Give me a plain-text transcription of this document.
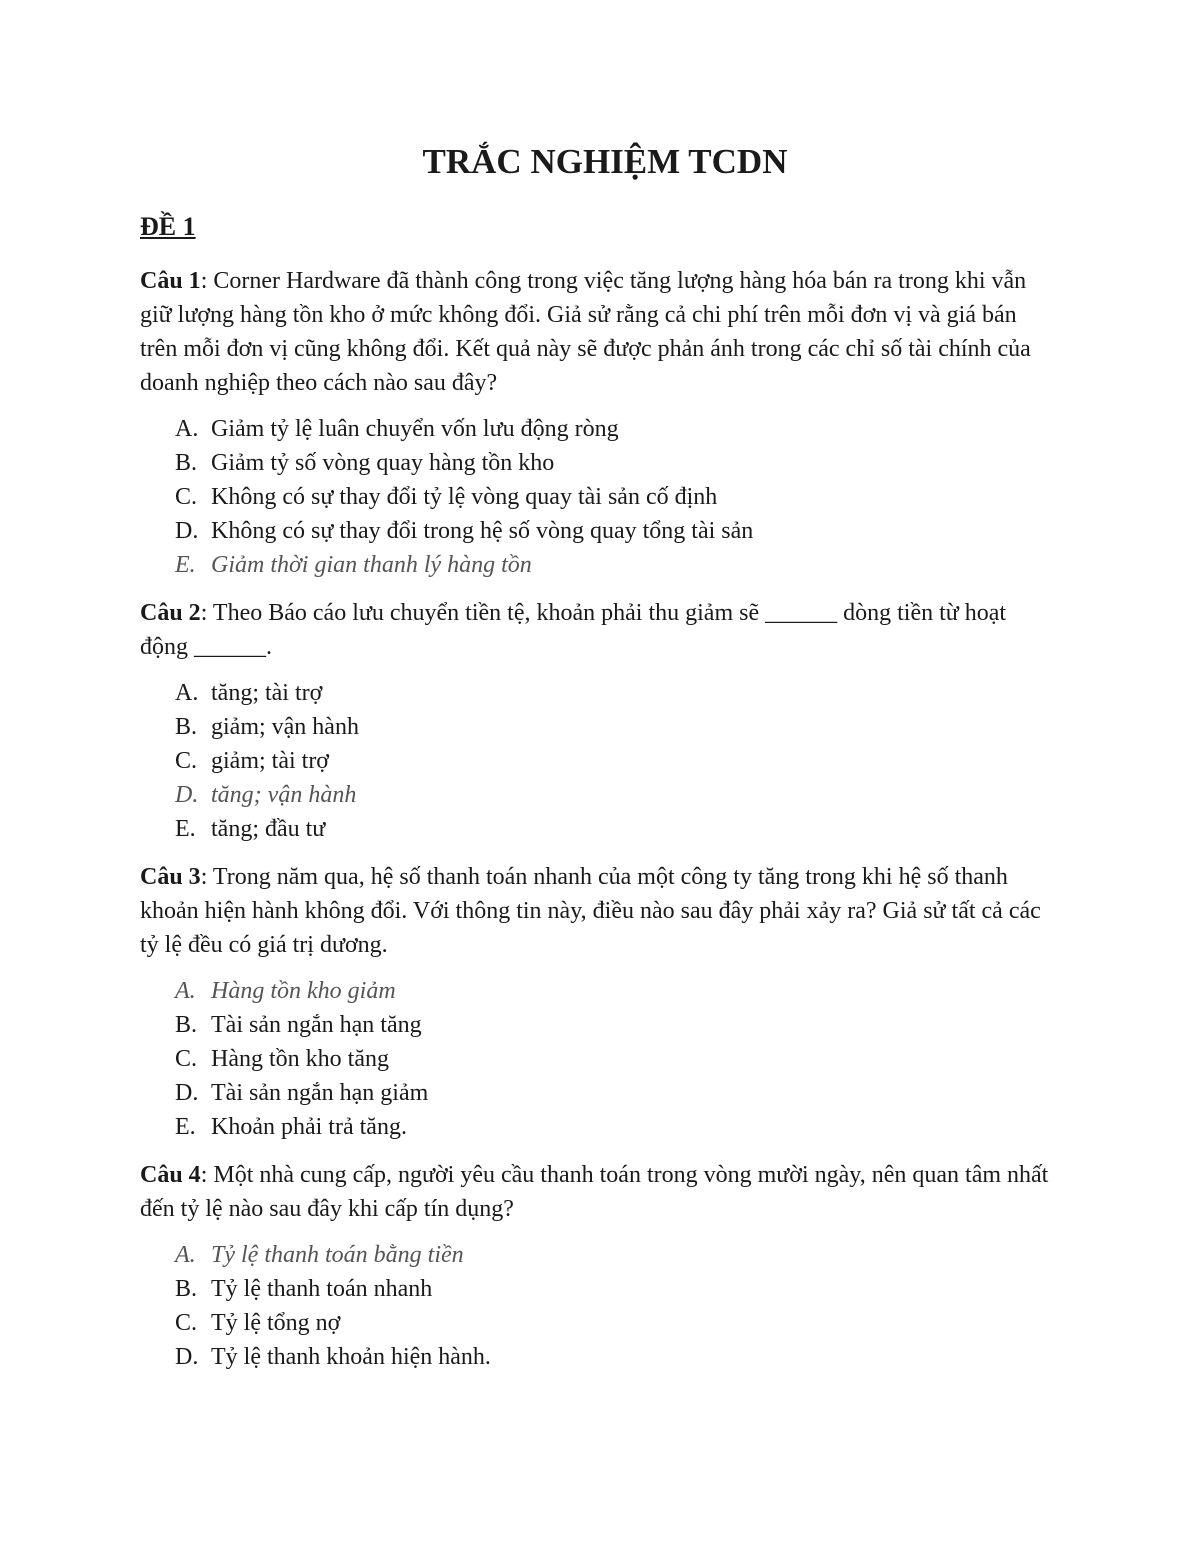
TRẮC NGHIỆM TCDN
ĐỀ 1

Câu 1: Corner Hardware đã thành công trong việc tăng lượng hàng hóa bán ra trong khi vẫn giữ lượng hàng tồn kho ở mức không đổi. Giả sử rằng cả chi phí trên mỗi đơn vị và giá bán trên mỗi đơn vị cũng không đổi. Kết quả này sẽ được phản ánh trong các chỉ số tài chính của doanh nghiệp theo cách nào sau đây?

A. Giảm tỷ lệ luân chuyển vốn lưu động ròng
B. Giảm tỷ số vòng quay hàng tồn kho
C. Không có sự thay đổi tỷ lệ vòng quay tài sản cố định
D. Không có sự thay đổi trong hệ số vòng quay tổng tài sản
E. Giảm thời gian thanh lý hàng tồn

Câu 2: Theo Báo cáo lưu chuyển tiền tệ, khoản phải thu giảm sẽ ______ dòng tiền từ hoạt động ______.

A. tăng; tài trợ
B. giảm; vận hành
C. giảm; tài trợ
D. tăng; vận hành
E. tăng; đầu tư

Câu 3: Trong năm qua, hệ số thanh toán nhanh của một công ty tăng trong khi hệ số thanh khoản hiện hành không đổi. Với thông tin này, điều nào sau đây phải xảy ra? Giả sử tất cả các tỷ lệ đều có giá trị dương.

A. Hàng tồn kho giảm
B. Tài sản ngắn hạn tăng
C. Hàng tồn kho tăng
D. Tài sản ngắn hạn giảm
E. Khoản phải trả tăng.

Câu 4: Một nhà cung cấp, người yêu cầu thanh toán trong vòng mười ngày, nên quan tâm nhất đến tỷ lệ nào sau đây khi cấp tín dụng?

A. Tỷ lệ thanh toán bằng tiền
B. Tỷ lệ thanh toán nhanh
C. Tỷ lệ tổng nợ
D. Tỷ lệ thanh khoản hiện hành.
